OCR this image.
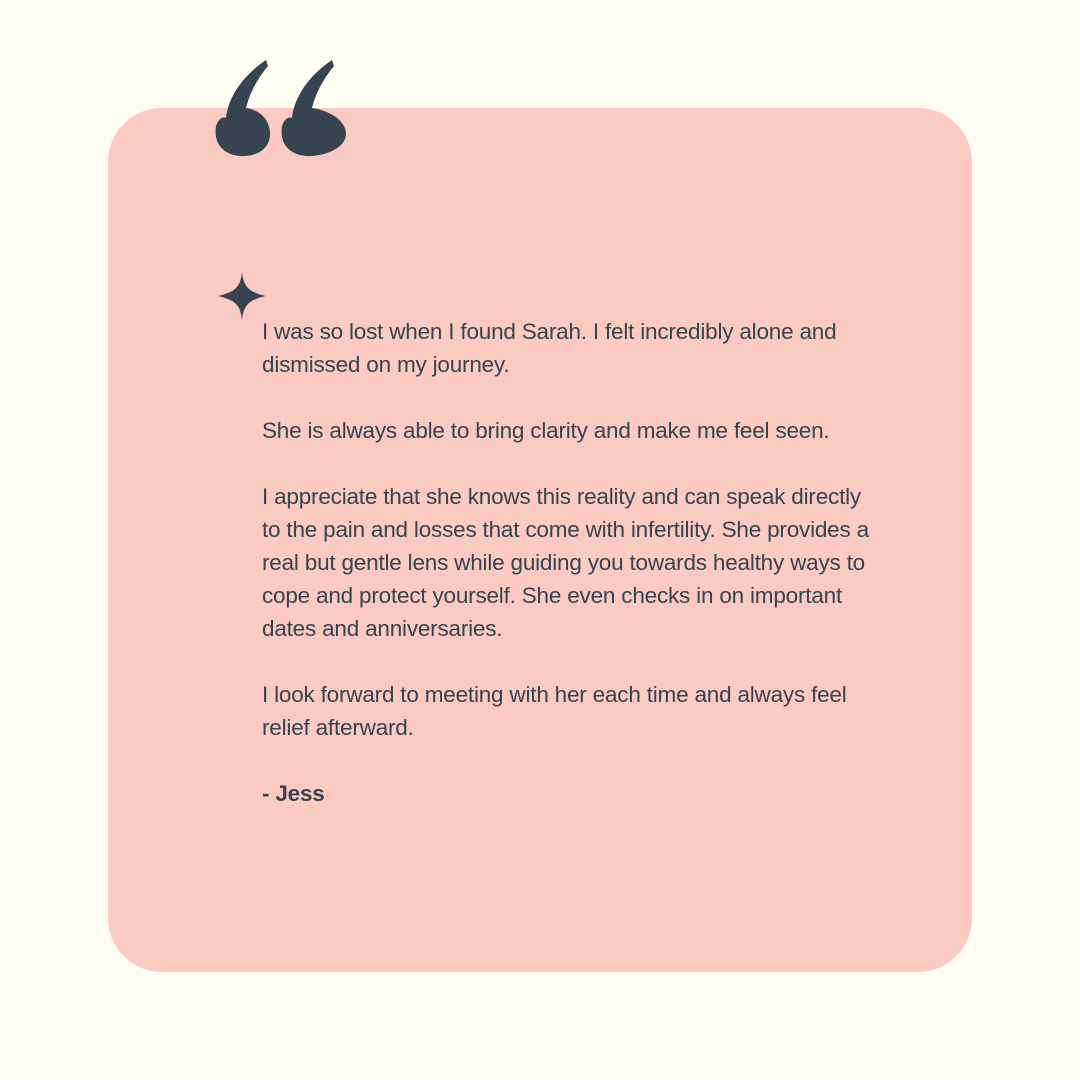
I was so lost when I found Sarah. I felt incredibly alone and dismissed on my journey.

She is always able to bring clarity and make me feel seen.

I appreciate that she knows this reality and can speak directly to the pain and losses that come with infertility. She provides a real but gentle lens while guiding you towards healthy ways to cope and protect yourself. She even checks in on important dates and anniversaries.

I look forward to meeting with her each time and always feel relief afterward.

- Jess
